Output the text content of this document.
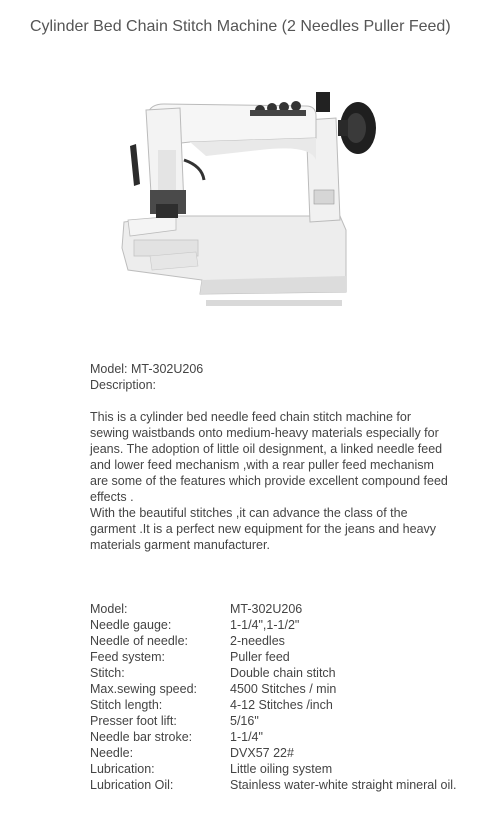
Cylinder Bed Chain Stitch Machine (2 Needles Puller Feed)
Model: MT-302U206
Description:

This is a cylinder bed needle feed chain stitch machine for sewing waistbands onto medium-heavy materials especially for jeans. The adoption of little oil designment, a linked needle feed and lower feed mechanism ,with a rear puller feed mechanism are some of the features which provide excellent compound feed effects .

With the beautiful stitches ,it can advance the class of the garment .It is a perfect new equipment for the jeans and heavy materials garment manufacturer.

Model:	MT-302U206
Needle gauge:	1-1/4",1-1/2"
Needle of needle:	2-needles
Feed system:	Puller feed
Stitch:	Double chain stitch
Max.sewing speed:	4500 Stitches / min
Stitch length:	4-12 Stitches /inch
Presser foot lift:	5/16"
Needle bar stroke:	1-1/4"
Needle:	DVX57 22#
Lubrication:	Little oiling system
Lubrication Oil:	Stainless water-white straight mineral oil.
